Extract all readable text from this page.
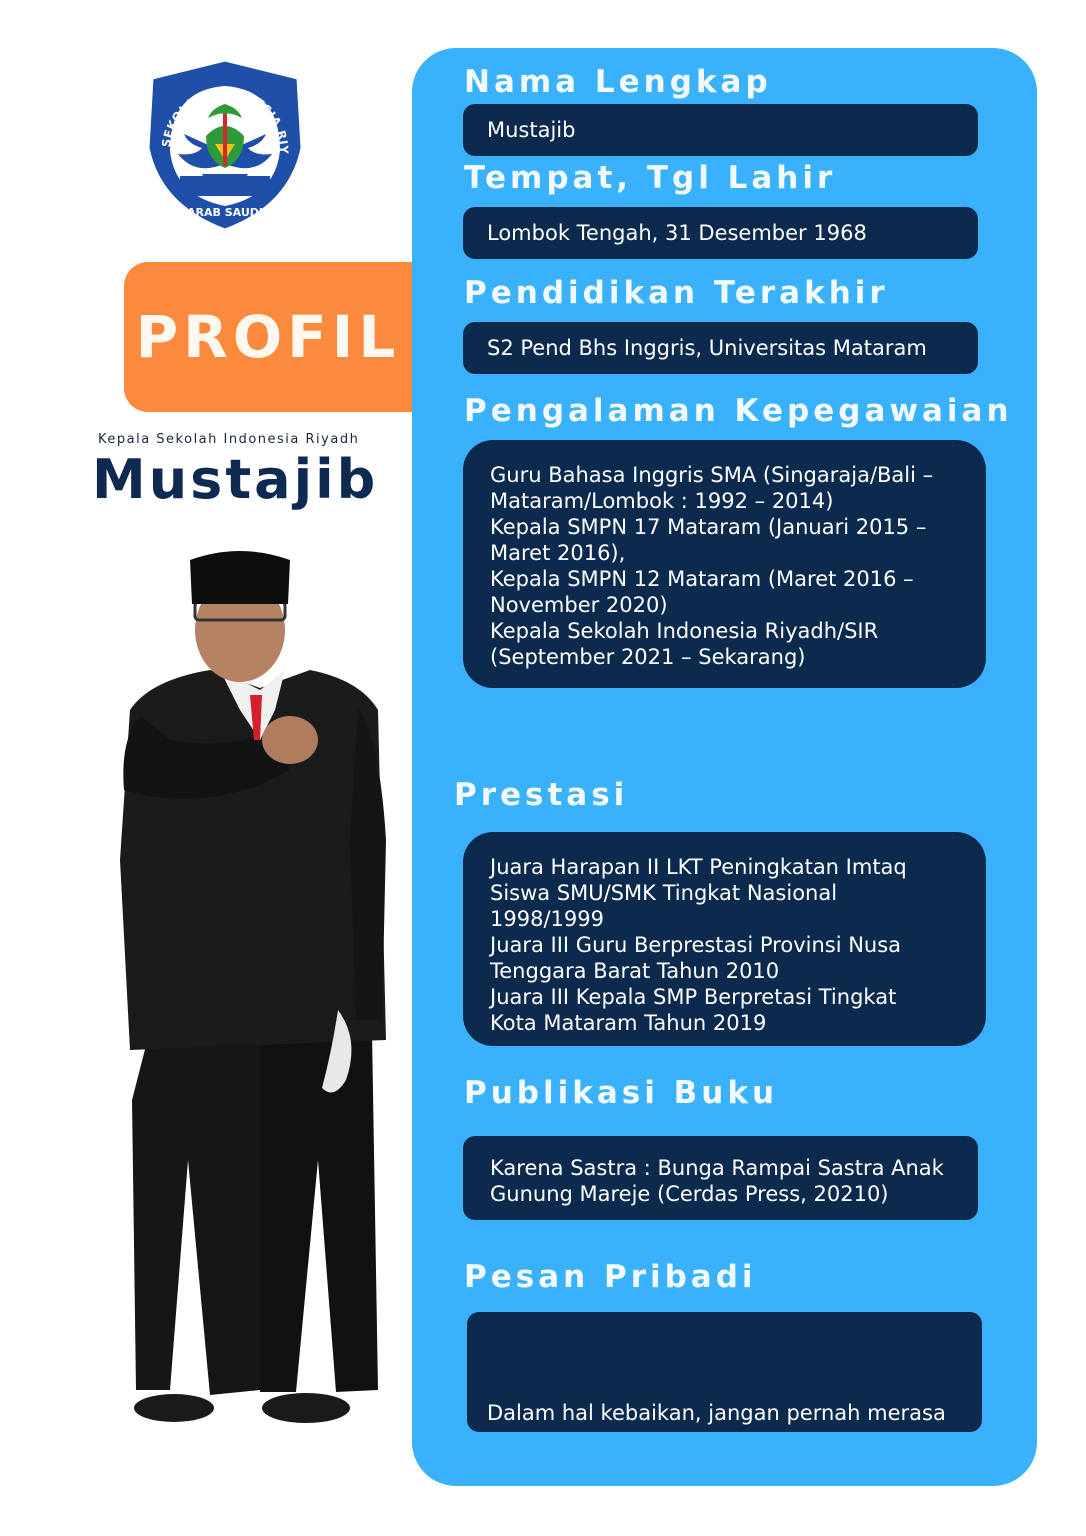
SEKOLAH INDONESIA RIY
ARAB SAUDI
PROFIL
Kepala Sekolah Indonesia Riyadh
Mustajib
Nama Lengkap
Mustajib
Tempat, Tgl Lahir
Lombok Tengah, 31 Desember 1968
Pendidikan Terakhir
S2 Pend Bhs Inggris, Universitas Mataram
Pengalaman Kepegawaian
Guru Bahasa Inggris SMA (Singaraja/Bali –
Mataram/Lombok : 1992 – 2014)
Kepala SMPN 17 Mataram (Januari 2015 –
Maret 2016),
Kepala SMPN 12 Mataram (Maret 2016 –
November 2020)
Kepala Sekolah Indonesia Riyadh/SIR
(September 2021 – Sekarang)
Prestasi
Juara Harapan II LKT Peningkatan Imtaq
Siswa SMU/SMK Tingkat Nasional
1998/1999
Juara III Guru Berprestasi Provinsi Nusa
Tenggara Barat Tahun 2010
Juara III Kepala SMP Berpretasi Tingkat
Kota Mataram Tahun 2019
Publikasi Buku
Karena Sastra : Bunga Rampai Sastra Anak
Gunung Mareje (Cerdas Press, 20210)
Pesan Pribadi

Dalam hal kebaikan, jangan pernah merasa

puas
